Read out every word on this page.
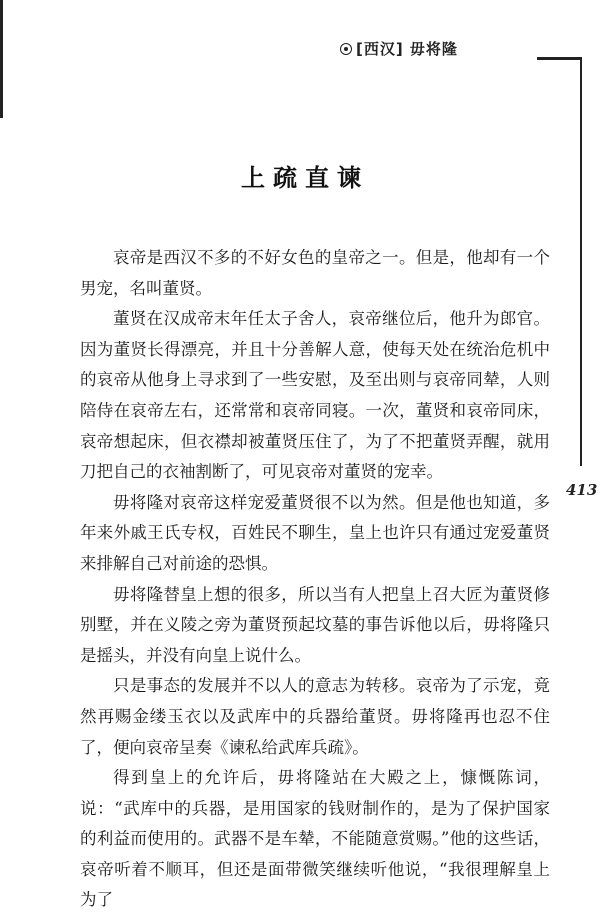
[西汉] 毋将隆
413
上疏直谏

哀帝是西汉不多的不好女色的皇帝之一。但是，他却有一个男宠，名叫董贤。

董贤在汉成帝末年任太子舍人，哀帝继位后，他升为郎官。因为董贤长得漂亮，并且十分善解人意，使每天处在统治危机中的哀帝从他身上寻求到了一些安慰，及至出则与哀帝同辇，人则陪侍在哀帝左右，还常常和哀帝同寝。一次，董贤和哀帝同床，哀帝想起床，但衣襟却被董贤压住了，为了不把董贤弄醒，就用刀把自己的衣袖割断了，可见哀帝对董贤的宠幸。

毋将隆对哀帝这样宠爱董贤很不以为然。但是他也知道，多年来外戚王氏专权，百姓民不聊生，皇上也许只有通过宠爱董贤来排解自己对前途的恐惧。

毋将隆替皇上想的很多，所以当有人把皇上召大匠为董贤修别墅，并在义陵之旁为董贤预起坟墓的事告诉他以后，毋将隆只是摇头，并没有向皇上说什么。

只是事态的发展并不以人的意志为转移。哀帝为了示宠，竟然再赐金缕玉衣以及武库中的兵器给董贤。毋将隆再也忍不住了，便向哀帝呈奏《谏私给武库兵疏》。

得到皇上的允许后，毋将隆站在大殿之上，慷慨陈词，说：“武库中的兵器，是用国家的钱财制作的，是为了保护国家的利益而使用的。武器不是车辇，不能随意赏赐。”他的这些话，哀帝听着不顺耳，但还是面带微笑继续听他说，“我很理解皇上为了
